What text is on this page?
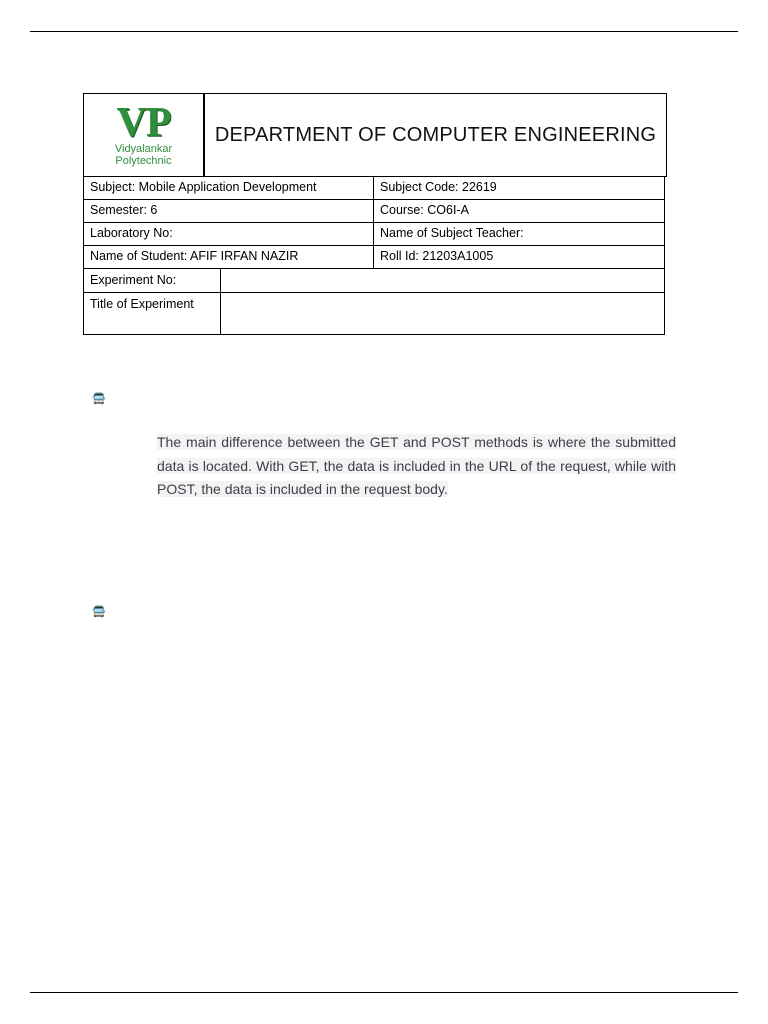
VP
Vidyalankar
Polytechnic
DEPARTMENT OF COMPUTER ENGINEERING
Subject: Mobile Application Development	Subject Code: 22619
Semester: 6	Course: CO6I-A
Laboratory No:	Name of Subject Teacher:
Name of Student: AFIF IRFAN NAZIR	Roll Id: 21203A1005
Experiment No:	
Title of Experiment	
🚍

The main difference between the GET and POST methods is where the submitted data is located. With GET, the data is included in the URL of the request, while with POST, the data is included in the request body.

🚍
